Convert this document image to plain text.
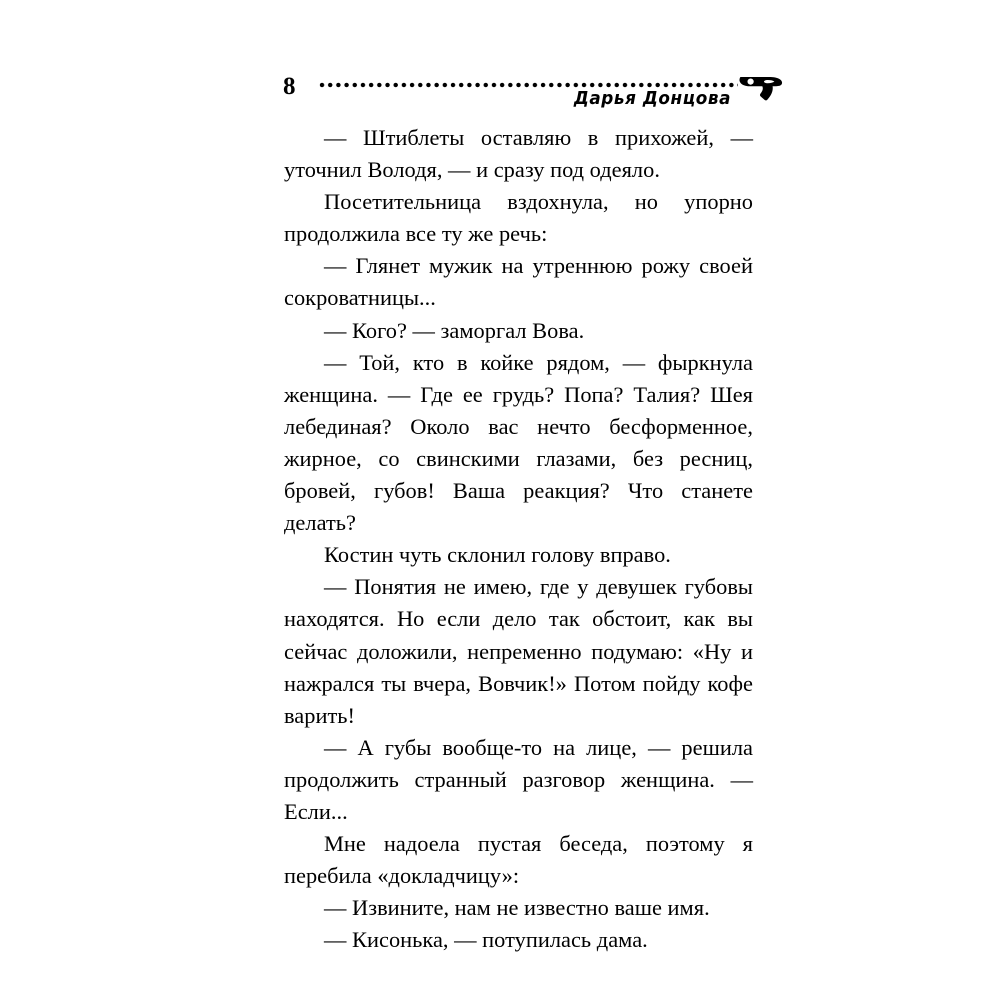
8	Дарья Донцова

— Штиблеты оставляю в прихожей, — уточнил Володя, — и сразу под одеяло.

Посетительница вздохнула, но упорно продолжила все ту же речь:

— Глянет мужик на утреннюю рожу своей сокроватницы...

— Кого? — заморгал Вова.

— Той, кто в койке рядом, — фыркнула женщина. — Где ее грудь? Попа? Талия? Шея лебединая? Около вас нечто бесформенное, жирное, со свинскими глазами, без ресниц, бровей, губов! Ваша реакция? Что станете делать?

Костин чуть склонил голову вправо.

— Понятия не имею, где у девушек губовы находятся. Но если дело так обстоит, как вы сейчас доложили, непременно подумаю: «Ну и нажрался ты вчера, Вовчик!» Потом пойду кофе варить!

— А губы вообще-то на лице, — решила продолжить странный разговор женщина. — Если...

Мне надоела пустая беседа, поэтому я перебила «докладчицу»:

— Извините, нам не известно ваше имя.

— Кисонька, — потупилась дама.
